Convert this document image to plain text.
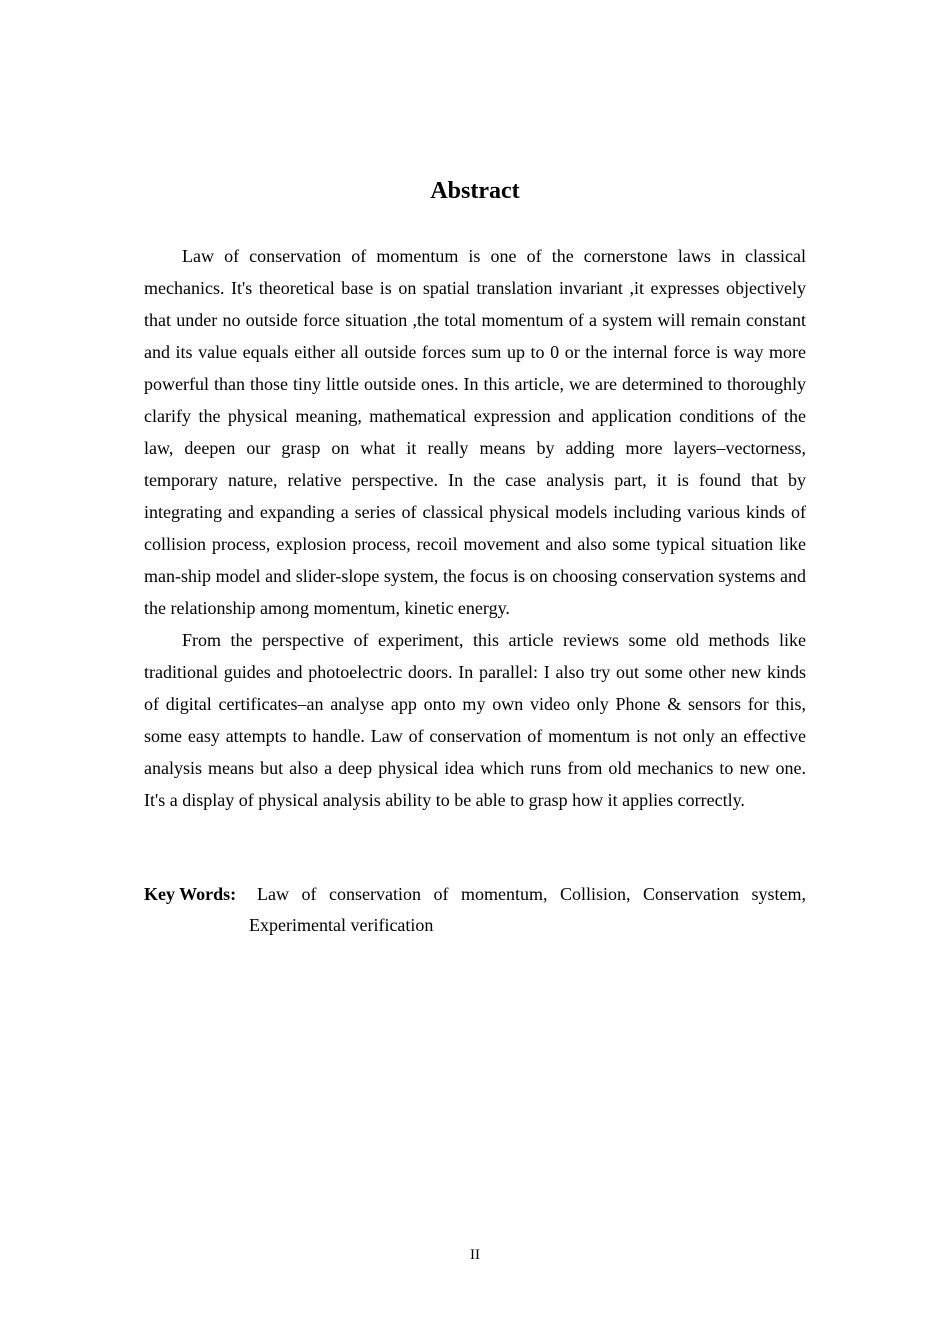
Abstract

Law of conservation of momentum is one of the cornerstone laws in classical mechanics. It's theoretical base is on spatial translation invariant ,it expresses objectively that under no outside force situation ,the total momentum of a system will remain constant and its value equals either all outside forces sum up to 0 or the internal force is way more powerful than those tiny little outside ones. In this article, we are determined to thoroughly clarify the physical meaning, mathematical expression and application conditions of the law, deepen our grasp on what it really means by adding more layers–vectorness, temporary nature, relative perspective. In the case analysis part, it is found that by integrating and expanding a series of classical physical models including various kinds of collision process, explosion process, recoil movement and also some typical situation like man-ship model and slider-slope system, the focus is on choosing conservation systems and the relationship among momentum, kinetic energy.

From the perspective of experiment, this article reviews some old methods like traditional guides and photoelectric doors. In parallel: I also try out some other new kinds of digital certificates–an analyse app onto my own video only Phone & sensors for this, some easy attempts to handle. Law of conservation of momentum is not only an effective analysis means but also a deep physical idea which runs from old mechanics to new one. It's a display of physical analysis ability to be able to grasp how it applies correctly.

Key Words:	Law of conservation of momentum, Collision, Conservation system,
Experimental verification
II
